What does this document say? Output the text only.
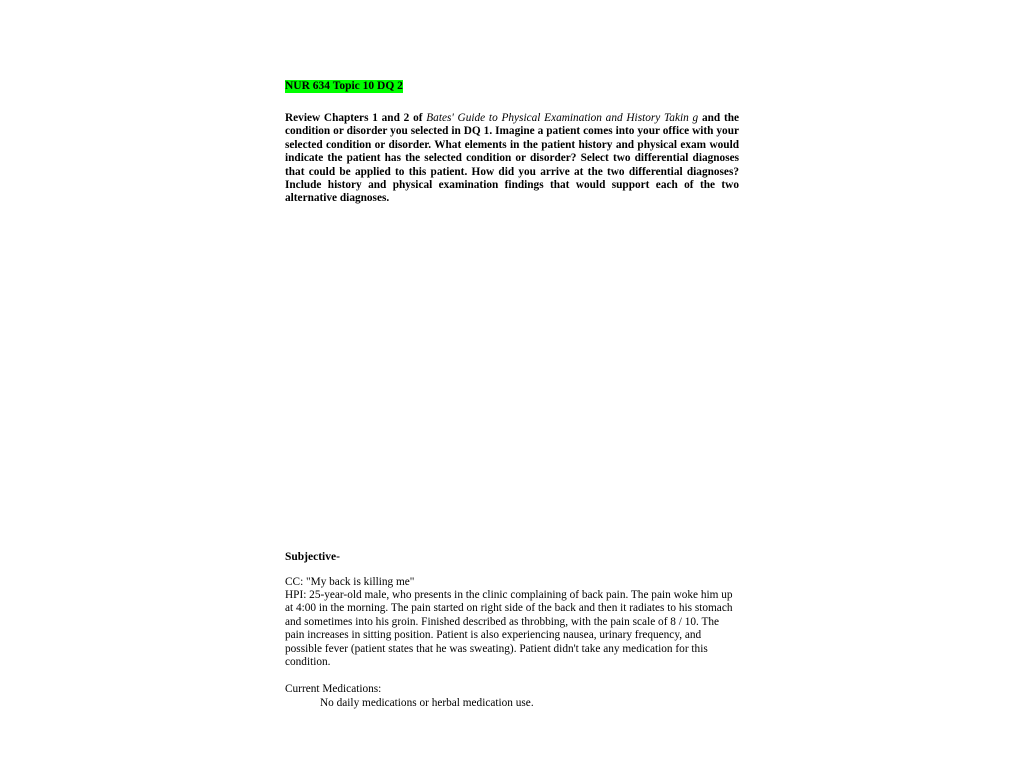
NUR 634 Topic 10 DQ 2

Review Chapters 1 and 2 of Bates' Guide to Physical Examination and History Takin g and the condition or disorder you selected in DQ 1. Imagine a patient comes into your office with your selected condition or disorder. What elements in the patient history and physical exam would indicate the patient has the selected condition or disorder? Select two differential diagnoses that could be applied to this patient. How did you arrive at the two differential diagnoses? Include history and physical examination findings that would support each of the two alternative diagnoses.

Subjective-
CC: "My back is killing me"

HPI: 25-year-old male, who presents in the clinic complaining of back pain. The pain woke him up at 4:00 in the morning. The pain started on right side of the back and then it radiates to his stomach and sometimes into his groin. Finished described as throbbing, with the pain scale of 8 / 10. The pain increases in sitting position. Patient is also experiencing nausea, urinary frequency, and possible fever (patient states that he was sweating). Patient didn't take any medication for this condition.

Current Medications:
No daily medications or herbal medication use.
